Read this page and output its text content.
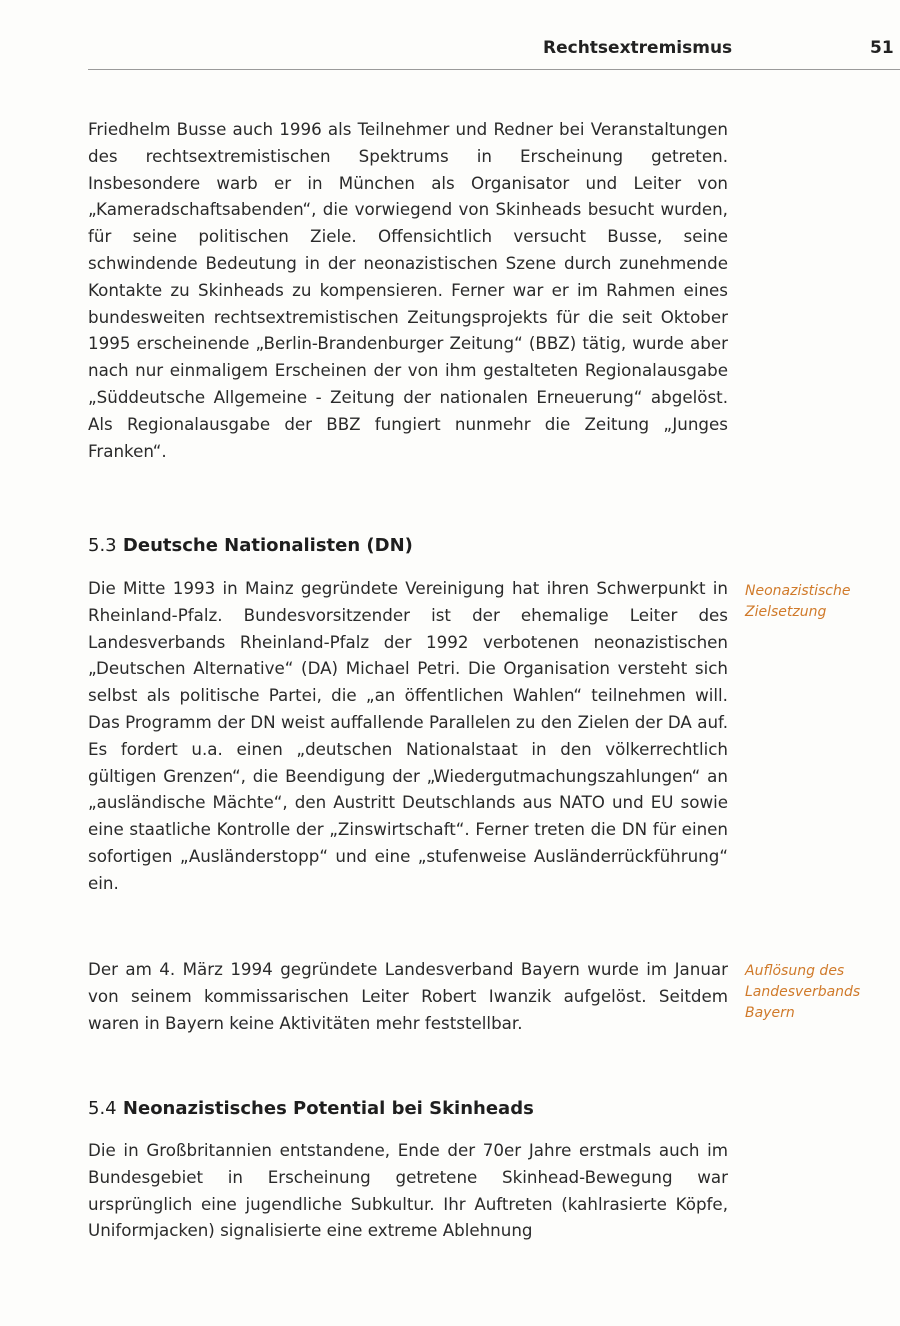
Rechtsextremismus	51

Friedhelm Busse auch 1996 als Teilnehmer und Redner bei Veranstaltungen des rechtsextremistischen Spektrums in Erscheinung getreten. Insbesondere warb er in München als Organisator und Leiter von „Kameradschaftsabenden“, die vorwiegend von Skinheads besucht wurden, für seine politischen Ziele. Offensichtlich versucht Busse, seine schwindende Bedeutung in der neonazistischen Szene durch zunehmende Kontakte zu Skinheads zu kompensieren. Ferner war er im Rahmen eines bundesweiten rechtsextremistischen Zeitungsprojekts für die seit Oktober 1995 erscheinende „Berlin-Brandenburger Zeitung“ (BBZ) tätig, wurde aber nach nur einmaligem Erscheinen der von ihm gestalteten Regionalausgabe „Süddeutsche Allgemeine - Zeitung der nationalen Erneuerung“ abgelöst. Als Regionalausgabe der BBZ fungiert nunmehr die Zeitung „Junges Franken“.

5.3 Deutsche Nationalisten (DN)

Die Mitte 1993 in Mainz gegründete Vereinigung hat ihren Schwerpunkt in Rheinland-Pfalz. Bundesvorsitzender ist der ehemalige Leiter des Landesverbands Rheinland-Pfalz der 1992 verbotenen neonazistischen „Deutschen Alternative“ (DA) Michael Petri. Die Organisation versteht sich selbst als politische Partei, die „an öffentlichen Wahlen“ teilnehmen will. Das Programm der DN weist auffallende Parallelen zu den Zielen der DA auf. Es fordert u.a. einen „deutschen Nationalstaat in den völkerrechtlich gültigen Grenzen“, die Beendigung der „Wiedergutmachungszahlungen“ an „ausländische Mächte“, den Austritt Deutschlands aus NATO und EU sowie eine staatliche Kontrolle der „Zinswirtschaft“. Ferner treten die DN für einen sofortigen „Ausländerstopp“ und eine „stufenweise Ausländerrückführung“ ein.

Neonazistische Zielsetzung

Der am 4. März 1994 gegründete Landesverband Bayern wurde im Januar von seinem kommissarischen Leiter Robert Iwanzik aufgelöst. Seitdem waren in Bayern keine Aktivitäten mehr feststellbar.

Auflösung des Landesverbands Bayern

5.4 Neonazistisches Potential bei Skinheads

Die in Großbritannien entstandene, Ende der 70er Jahre erstmals auch im Bundesgebiet in Erscheinung getretene Skinhead-Bewegung war ursprünglich eine jugendliche Subkultur. Ihr Auftreten (kahlrasierte Köpfe, Uniformjacken) signalisierte eine extreme Ablehnung
